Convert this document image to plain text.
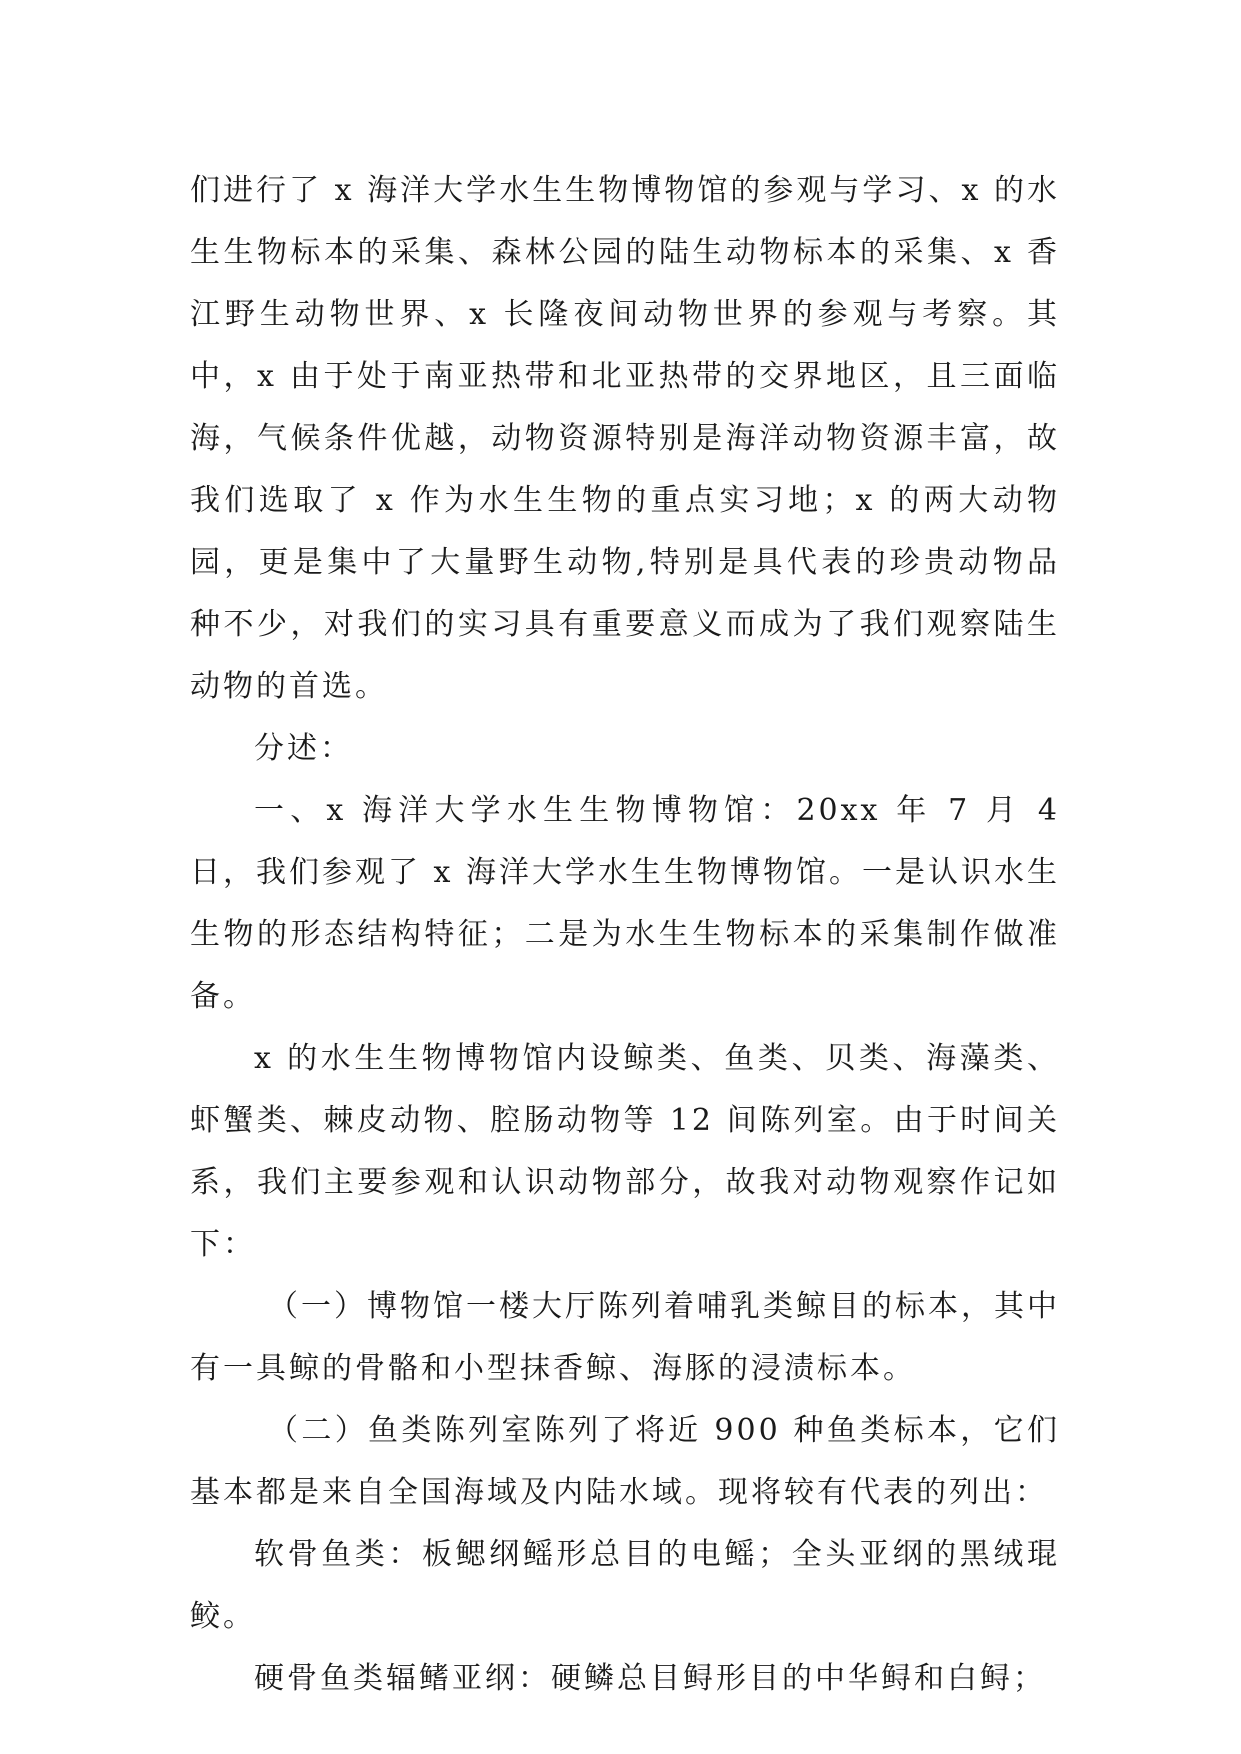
们进行了 x 海洋大学水生生物博物馆的参观与学习、x 的水生生物标本的采集、森林公园的陆生动物标本的采集、x 香江野生动物世界、x 长隆夜间动物世界的参观与考察。其中，x 由于处于南亚热带和北亚热带的交界地区，且三面临海，气候条件优越，动物资源特别是海洋动物资源丰富，故我们选取了 x 作为水生生物的重点实习地；x 的两大动物园，更是集中了大量野生动物,特别是具代表的珍贵动物品种不少，对我们的实习具有重要意义而成为了我们观察陆生动物的首选。

分述：

一、x 海洋大学水生生物博物馆：20xx 年 7 月 4 日，我们参观了 x 海洋大学水生生物博物馆。一是认识水生生物的形态结构特征；二是为水生生物标本的采集制作做准备。

x 的水生生物博物馆内设鲸类、鱼类、贝类、海藻类、虾蟹类、棘皮动物、腔肠动物等 12 间陈列室。由于时间关系，我们主要参观和认识动物部分，故我对动物观察作记如下：

（一）博物馆一楼大厅陈列着哺乳类鲸目的标本，其中有一具鲸的骨骼和小型抹香鲸、海豚的浸渍标本。

（二）鱼类陈列室陈列了将近 900 种鱼类标本，它们基本都是来自全国海域及内陆水域。现将较有代表的列出：

软骨鱼类：板鳃纲鳐形总目的电鳐；全头亚纲的黑绒琨鲛。

硬骨鱼类辐鳍亚纲：硬鳞总目鲟形目的中华鲟和白鲟；
